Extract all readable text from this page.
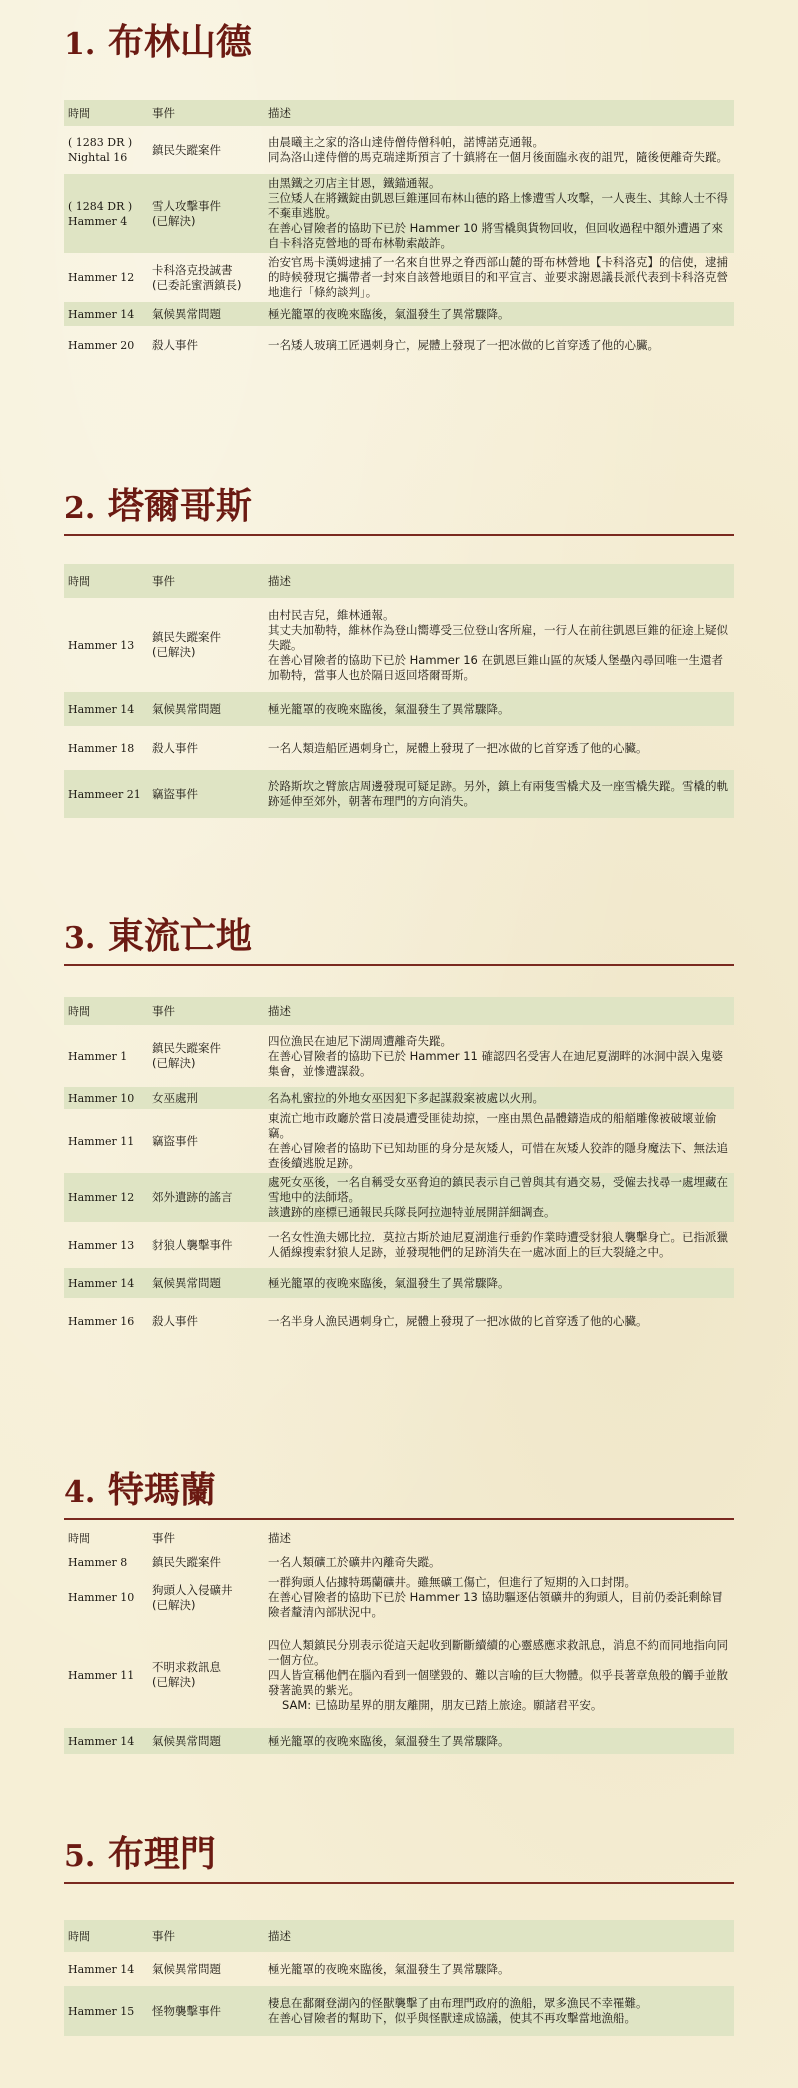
1. 布林山德
時間	事件	描述

( 1283 DR )
Nightal 16	鎮民失蹤案件	由晨曦主之家的洛山達侍僧侍僧科帕，諾博諾克通報。
同為洛山達侍僧的馬克瑞達斯預言了十鎮將在一個月後面臨永夜的詛咒，隨後便離奇失蹤。

( 1284 DR )
Hammer 4	雪人攻擊事件
(已解決)	由黑鐵之刃店主甘恩，鐵錨通報。
三位矮人在將鐵錠由凱恩巨錐運回布林山德的路上慘遭雪人攻擊，一人喪生、其餘人士不得不棄車逃脫。
在善心冒險者的協助下已於 Hammer 10 將雪橇與貨物回收，但回收過程中額外遭遇了來自卡科洛克營地的哥布林勒索敲詐。

Hammer 12	卡科洛克投誠書
(已委託蜜酒鎮長)	治安官馬卡漢姆逮捕了一名來自世界之脊西部山麓的哥布林營地【卡科洛克】的信使，逮捕的時候發現它攜帶者一封來自該營地頭目的和平宣言、並要求謝恩議長派代表到卡科洛克營地進行「條約談判」。

Hammer 14	氣候異常問題	極光籠罩的夜晚來臨後，氣溫發生了異常驟降。

Hammer 20	殺人事件	一名矮人玻璃工匠遇刺身亡，屍體上發現了一把冰做的匕首穿透了他的心臟。
2. 塔爾哥斯
時間	事件	描述

Hammer 13	鎮民失蹤案件
(已解決)	由村民吉兒，維林通報。
其丈夫加勒特，維林作為登山嚮導受三位登山客所雇，一行人在前往凱恩巨錐的征途上疑似失蹤。
在善心冒險者的協助下已於 Hammer 16 在凱恩巨錐山區的灰矮人堡壘內尋回唯一生還者加勒特，當事人也於隔日返回塔爾哥斯。

Hammer 14	氣候異常問題	極光籠罩的夜晚來臨後，氣溫發生了異常驟降。

Hammer 18	殺人事件	一名人類造船匠遇刺身亡，屍體上發現了一把冰做的匕首穿透了他的心臟。

Hammeer 21	竊盜事件	於路斯坎之臂旅店周邊發現可疑足跡。另外，鎮上有兩隻雪橇犬及一座雪橇失蹤。雪橇的軌跡延伸至郊外，朝著布理門的方向消失。
3. 東流亡地
時間	事件	描述

Hammer 1	鎮民失蹤案件
(已解決)	四位漁民在迪尼下湖周遭離奇失蹤。
在善心冒險者的協助下已於 Hammer 11 確認四名受害人在迪尼夏湖畔的冰洞中誤入鬼婆集會，並慘遭謀殺。

Hammer 10	女巫處刑	名為札蜜拉的外地女巫因犯下多起謀殺案被處以火刑。

Hammer 11	竊盜事件	東流亡地市政廳於當日凌晨遭受匪徒劫掠，一座由黑色晶體鑄造成的船艏雕像被破壞並偷竊。
在善心冒險者的協助下已知劫匪的身分是灰矮人，可惜在灰矮人狡詐的隱身魔法下、無法追查後續逃脫足跡。

Hammer 12	郊外遺跡的謠言	處死女巫後，一名自稱受女巫脅迫的鎮民表示自己曾與其有過交易，受僱去找尋一處埋藏在雪地中的法師塔。
該遺跡的座標已通報民兵隊長阿拉迦特並展開詳細調查。

Hammer 13	豺狼人襲擊事件	一名女性漁夫娜比拉．莫拉古斯於迪尼夏湖進行垂釣作業時遭受豺狼人襲擊身亡。已指派獵人循線搜索豺狼人足跡，並發現牠們的足跡消失在一處冰面上的巨大裂縫之中。

Hammer 14	氣候異常問題	極光籠罩的夜晚來臨後，氣溫發生了異常驟降。

Hammer 16	殺人事件	一名半身人漁民遇刺身亡，屍體上發現了一把冰做的匕首穿透了他的心臟。
4. 特瑪蘭
時間	事件	描述

Hammer 8	鎮民失蹤案件	一名人類礦工於礦井內離奇失蹤。

Hammer 10	狗頭人入侵礦井
(已解決)	一群狗頭人佔據特瑪蘭礦井。雖無礦工傷亡，但進行了短期的入口封閉。
在善心冒險者的協助下已於 Hammer 13 協助驅逐佔領礦井的狗頭人，目前仍委託剩餘冒險者釐清內部狀況中。

Hammer 11	不明求救訊息
(已解決)	四位人類鎮民分別表示從這天起收到斷斷續續的心靈感應求救訊息，消息不約而同地指向同一個方位。
四人皆宣稱他們在腦內看到一個墜毀的、難以言喻的巨大物體。似乎長著章魚般的觸手並散發著詭異的紫光。
SAM: 已協助星界的朋友離開，朋友已踏上旅途。願諸君平安。

Hammer 14	氣候異常問題	極光籠罩的夜晚來臨後，氣溫發生了異常驟降。
5. 布理門
時間	事件	描述

Hammer 14	氣候異常問題	極光籠罩的夜晚來臨後，氣溫發生了異常驟降。

Hammer 15	怪物襲擊事件	棲息在鄱爾登湖內的怪獸襲擊了由布理門政府的漁船，眾多漁民不幸罹難。
在善心冒險者的幫助下，似乎與怪獸達成協議，使其不再攻擊當地漁船。
